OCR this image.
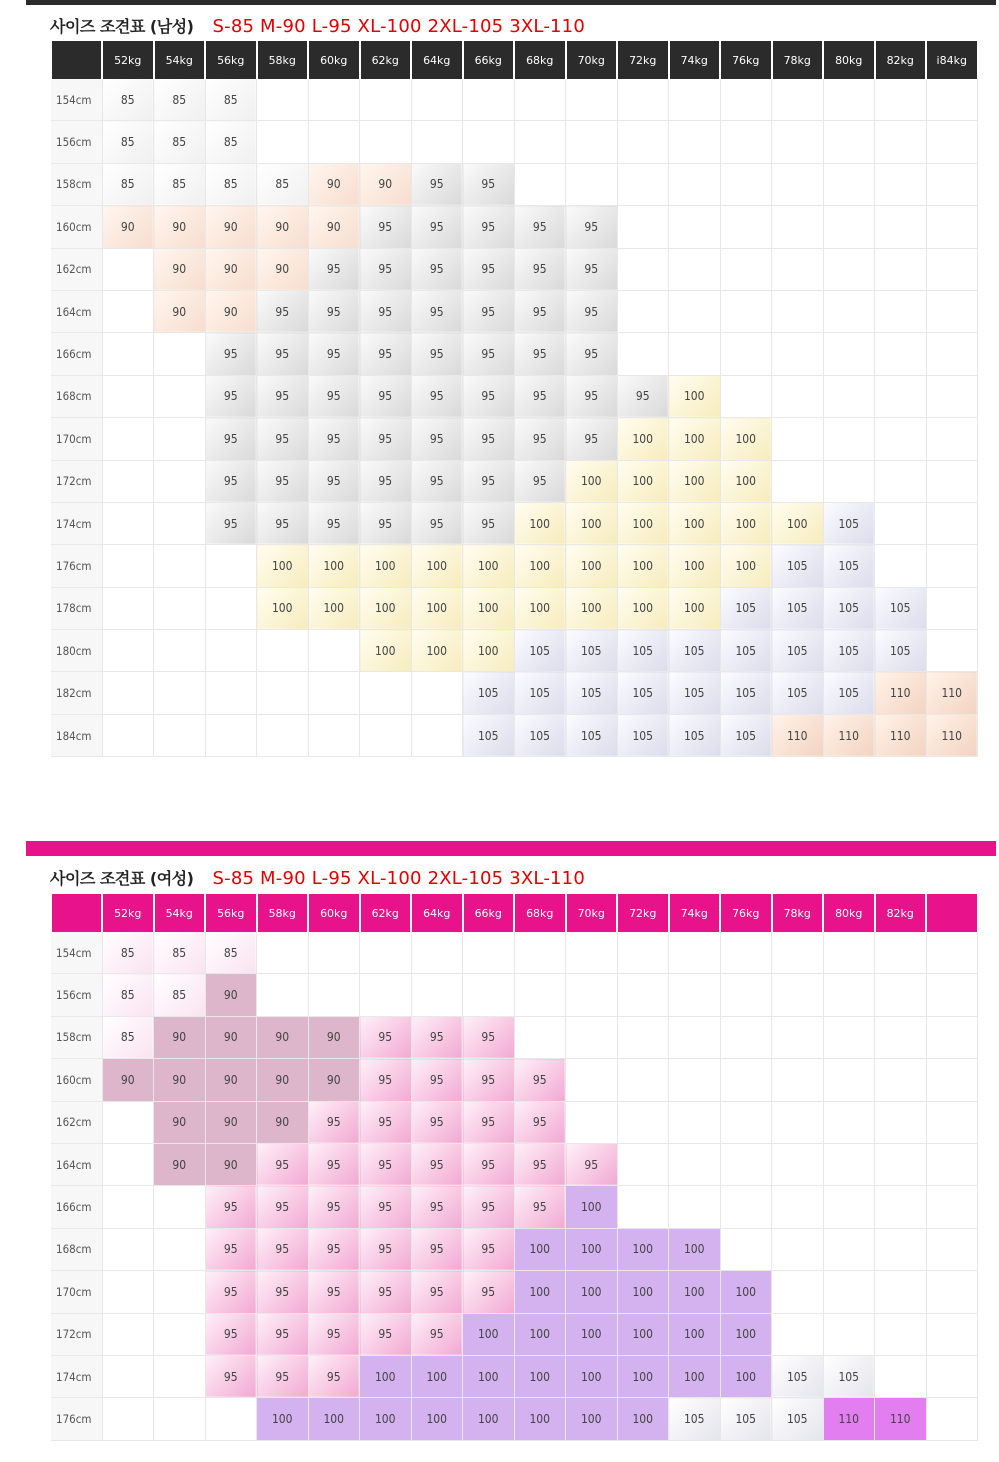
사이즈 조견표 (남성) S-85 M-90 L-95 XL-100 2XL-105 3XL-110
	52kg	54kg	56kg	58kg	60kg	62kg	64kg	66kg	68kg	70kg	72kg	74kg	76kg	78kg	80kg	82kg	i84kg
154cm	85	85	85														
156cm	85	85	85														
158cm	85	85	85	85	90	90	95	95									
160cm	90	90	90	90	90	95	95	95	95	95							
162cm		90	90	90	95	95	95	95	95	95							
164cm		90	90	95	95	95	95	95	95	95							
166cm			95	95	95	95	95	95	95	95							
168cm			95	95	95	95	95	95	95	95	95	100					
170cm			95	95	95	95	95	95	95	95	100	100	100				
172cm			95	95	95	95	95	95	95	100	100	100	100				
174cm			95	95	95	95	95	95	100	100	100	100	100	100	105		
176cm				100	100	100	100	100	100	100	100	100	100	105	105		
178cm				100	100	100	100	100	100	100	100	100	105	105	105	105	
180cm						100	100	100	105	105	105	105	105	105	105	105	
182cm								105	105	105	105	105	105	105	105	110	110
184cm								105	105	105	105	105	105	110	110	110	110
사이즈 조견표 (여성) S-85 M-90 L-95 XL-100 2XL-105 3XL-110
	52kg	54kg	56kg	58kg	60kg	62kg	64kg	66kg	68kg	70kg	72kg	74kg	76kg	78kg	80kg	82kg	
154cm	85	85	85														
156cm	85	85	90														
158cm	85	90	90	90	90	95	95	95									
160cm	90	90	90	90	90	95	95	95	95								
162cm		90	90	90	95	95	95	95	95								
164cm		90	90	95	95	95	95	95	95	95							
166cm			95	95	95	95	95	95	95	100							
168cm			95	95	95	95	95	95	100	100	100	100					
170cm			95	95	95	95	95	95	100	100	100	100	100				
172cm			95	95	95	95	95	100	100	100	100	100	100				
174cm			95	95	95	100	100	100	100	100	100	100	100	105	105		
176cm				100	100	100	100	100	100	100	100	105	105	105	110	110	
